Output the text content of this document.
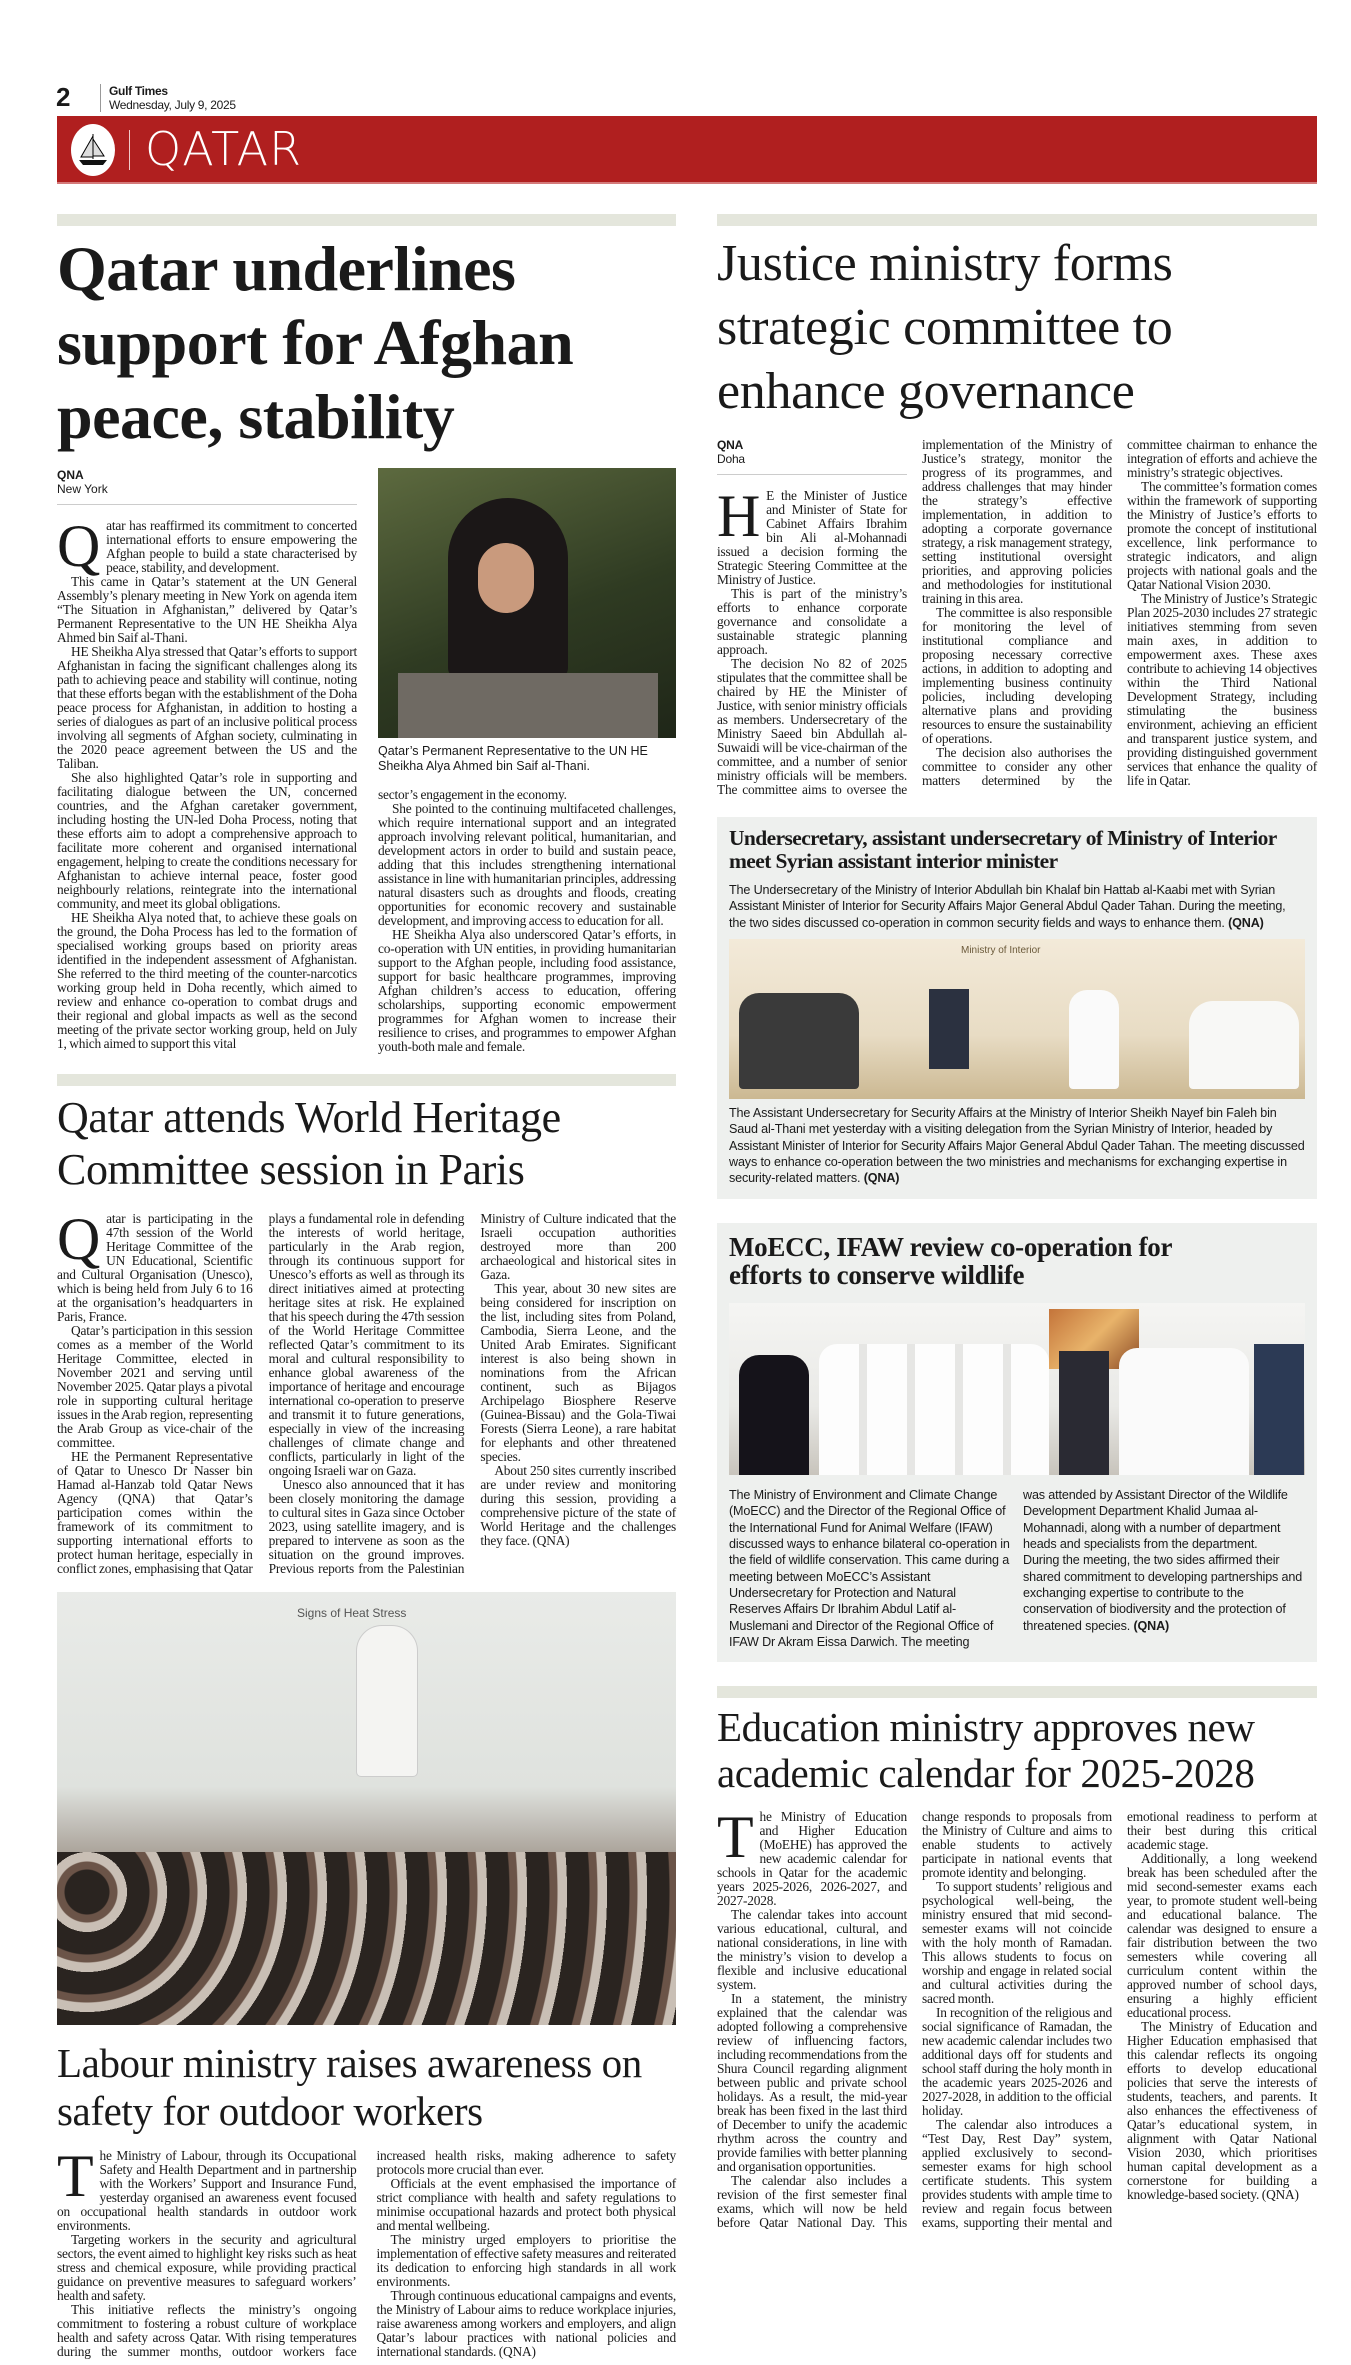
2	Gulf Times
Wednesday, July 9, 2025
QATAR
Qatar underlines support for Afghan peace, stability
QNA
New York

Qatar has reaffirmed its commitment to concerted international efforts to ensure empowering the Afghan people to build a state characterised by peace, stability, and development.

This came in Qatar’s statement at the UN General Assembly’s plenary meeting in New York on agenda item “The Situation in Afghanistan,” delivered by Qatar’s Permanent Representative to the UN HE Sheikha Alya Ahmed bin Saif al-Thani.

HE Sheikha Alya stressed that Qatar’s efforts to support Afghanistan in facing the significant challenges along its path to achieving peace and stability will continue, noting that these efforts began with the establishment of the Doha peace process for Afghanistan, in addition to hosting a series of dialogues as part of an inclusive political process involving all segments of Afghan society, culminating in the 2020 peace agreement between the US and the Taliban.

She also highlighted Qatar’s role in supporting and facilitating dialogue between the UN, concerned countries, and the Afghan caretaker government, including hosting the UN-led Doha Process, noting that these efforts aim to adopt a comprehensive approach to facilitate more coherent and organised international engagement, helping to create the conditions necessary for Afghanistan to achieve internal peace, foster good neighbourly relations, reintegrate into the international community, and meet its global obligations.

HE Sheikha Alya noted that, to achieve these goals on the ground, the Doha Process has led to the formation of specialised working groups based on priority areas identified in the independent assessment of Afghanistan. She referred to the third meeting of the counter-narcotics working group held in Doha recently, which aimed to review and enhance co-operation to combat drugs and their regional and global impacts as well as the second meeting of the private sector working group, held on July 1, which aimed to support this vital

Qatar’s Permanent Representative to the UN HE Sheikha Alya Ahmed bin Saif al-Thani.

sector’s engagement in the economy.

She pointed to the continuing multifaceted challenges, which require international support and an integrated approach involving relevant political, humanitarian, and development actors in order to build and sustain peace, adding that this includes strengthening international assistance in line with humanitarian principles, addressing natural disasters such as droughts and floods, creating opportunities for economic recovery and sustainable development, and improving access to education for all.

HE Sheikha Alya also underscored Qatar’s efforts, in co-operation with UN entities, in providing humanitarian support to the Afghan people, including food assistance, support for basic healthcare programmes, improving Afghan children’s access to education, offering scholarships, supporting economic empowerment programmes for Afghan women to increase their resilience to crises, and programmes to empower Afghan youth-both male and female.

Qatar attends World Heritage Committee session in Paris

Qatar is participating in the 47th session of the World Heritage Committee of the UN Educational, Scientific and Cultural Organisation (Unesco), which is being held from July 6 to 16 at the organisation’s headquarters in Paris, France.

Qatar’s participation in this session comes as a member of the World Heritage Committee, elected in November 2021 and serving until November 2025. Qatar plays a pivotal role in supporting cultural heritage issues in the Arab region, representing the Arab Group as vice-chair of the committee.

HE the Permanent Representative of Qatar to Unesco Dr Nasser bin Hamad al-Hanzab told Qatar News Agency (QNA) that Qatar’s participation comes within the framework of its commitment to supporting international efforts to protect human heritage, especially in conflict zones, emphasising that Qatar plays a fundamental role in defending the interests of world heritage, particularly in the Arab region, through its continuous support for Unesco’s efforts as well as through its direct initiatives aimed at protecting heritage sites at risk. He explained that his speech during the 47th session of the World Heritage Committee reflected Qatar’s commitment to its moral and cultural responsibility to enhance global awareness of the importance of heritage and encourage international co-operation to preserve and transmit it to future generations, especially in view of the increasing challenges of climate change and conflicts, particularly in light of the ongoing Israeli war on Gaza.

Unesco also announced that it has been closely monitoring the damage to cultural sites in Gaza since October 2023, using satellite imagery, and is prepared to intervene as soon as the situation on the ground improves. Previous reports from the Palestinian Ministry of Culture indicated that the Israeli occupation authorities destroyed more than 200 archaeological and historical sites in Gaza.

This year, about 30 new sites are being considered for inscription on the list, including sites from Poland, Cambodia, Sierra Leone, and the United Arab Emirates. Significant interest is also being shown in nominations from the African continent, such as Bijagos Archipelago Biosphere Reserve (Guinea-Bissau) and the Gola-Tiwai Forests (Sierra Leone), a rare habitat for elephants and other threatened species.

About 250 sites currently inscribed are under review and monitoring during this session, providing a comprehensive picture of the state of World Heritage and the challenges they face. (QNA)

Signs of Heat Stress
Labour ministry raises awareness on safety for outdoor workers

The Ministry of Labour, through its Occupational Safety and Health Department and in partnership with the Workers’ Support and Insurance Fund, yesterday organised an awareness event focused on occupational health standards in outdoor work environments.

Targeting workers in the security and agricultural sectors, the event aimed to highlight key risks such as heat stress and chemical exposure, while providing practical guidance on preventive measures to safeguard workers’ health and safety.

This initiative reflects the ministry’s ongoing commitment to fostering a robust culture of workplace health and safety across Qatar. With rising temperatures during the summer months, outdoor workers face increased health risks, making adherence to safety protocols more crucial than ever.

Officials at the event emphasised the importance of strict compliance with health and safety regulations to minimise occupational hazards and protect both physical and mental wellbeing.

The ministry urged employers to prioritise the implementation of effective safety measures and reiterated its dedication to enforcing high standards in all work environments.

Through continuous educational campaigns and events, the Ministry of Labour aims to reduce workplace injuries, raise awareness among workers and employers, and align Qatar’s labour practices with national policies and international standards. (QNA)

Justice ministry forms strategic committee to enhance governance
QNA
Doha

HE the Minister of Justice and Minister of State for Cabinet Affairs Ibrahim bin Ali al-Mohannadi issued a decision forming the Strategic Steering Committee at the Ministry of Justice.

This is part of the ministry’s efforts to enhance corporate governance and consolidate a sustainable strategic planning approach.

The decision No 82 of 2025 stipulates that the committee shall be chaired by HE the Minister of Justice, with senior ministry officials as members. Undersecretary of the Ministry Saeed bin Abdullah al-Suwaidi will be vice-chairman of the committee, and a number of senior ministry officials will be members. The committee aims to oversee the implementation of the Ministry of Justice’s strategy, monitor the progress of its programmes, and address challenges that may hinder the strategy’s effective implementation, in addition to adopting a corporate governance strategy, a risk management strategy, setting institutional oversight priorities, and approving policies and methodologies for institutional training in this area.

The committee is also responsible for monitoring the level of institutional compliance and proposing necessary corrective actions, in addition to adopting and implementing business continuity policies, including developing alternative plans and providing resources to ensure the sustainability of operations.

The decision also authorises the committee to consider any other matters determined by the committee chairman to enhance the integration of efforts and achieve the ministry’s strategic objectives.

The committee’s formation comes within the framework of supporting the Ministry of Justice’s efforts to promote the concept of institutional excellence, link performance to strategic indicators, and align projects with national goals and the Qatar National Vision 2030.

The Ministry of Justice’s Strategic Plan 2025-2030 includes 27 strategic initiatives stemming from seven main axes, in addition to empowerment axes. These axes contribute to achieving 14 objectives within the Third National Development Strategy, including stimulating the business environment, achieving an efficient and transparent justice system, and providing distinguished government services that enhance the quality of life in Qatar.

Undersecretary, assistant undersecretary of Ministry of Interior meet Syrian assistant interior minister
The Undersecretary of the Ministry of Interior Abdullah bin Khalaf bin Hattab al-Kaabi met with Syrian Assistant Minister of Interior for Security Affairs Major General Abdul Qader Tahan. During the meeting, the two sides discussed co-operation in common security fields and ways to enhance them. (QNA)
Ministry of Interior
The Assistant Undersecretary for Security Affairs at the Ministry of Interior Sheikh Nayef bin Faleh bin Saud al-Thani met yesterday with a visiting delegation from the Syrian Ministry of Interior, headed by Assistant Minister of Interior for Security Affairs Major General Abdul Qader Tahan. The meeting discussed ways to enhance co-operation between the two ministries and mechanisms for exchanging expertise in security-related matters. (QNA)
MoECC, IFAW review co-operation for efforts to conserve wildlife
The Ministry of Environment and Climate Change (MoECC) and the Director of the Regional Office of the International Fund for Animal Welfare (IFAW) discussed ways to enhance bilateral co-operation in the field of wildlife conservation. This came during a meeting between MoECC’s Assistant Undersecretary for Protection and Natural Reserves Affairs Dr Ibrahim Abdul Latif al-Muslemani and Director of the Regional Office of IFAW Dr Akram Eissa Darwich. The meeting
was attended by Assistant Director of the Wildlife Development Department Khalid Jumaa al-Mohannadi, along with a number of department heads and specialists from the department.
During the meeting, the two sides affirmed their shared commitment to developing partnerships and exchanging expertise to contribute to the conservation of biodiversity and the protection of threatened species. (QNA)
Education ministry approves new academic calendar for 2025-2028

The Ministry of Education and Higher Education (MoEHE) has approved the new academic calendar for schools in Qatar for the academic years 2025-2026, 2026-2027, and 2027-2028.

The calendar takes into account various educational, cultural, and national considerations, in line with the ministry’s vision to develop a flexible and inclusive educational system.

In a statement, the ministry explained that the calendar was adopted following a comprehensive review of influencing factors, including recommendations from the Shura Council regarding alignment between public and private school holidays. As a result, the mid-year break has been fixed in the last third of December to unify the academic rhythm across the country and provide families with better planning and organisation opportunities.

The calendar also includes a revision of the first semester final exams, which will now be held before Qatar National Day. This change responds to proposals from the Ministry of Culture and aims to enable students to actively participate in national events that promote identity and belonging.

To support students’ religious and psychological well-being, the ministry ensured that mid second-semester exams will not coincide with the holy month of Ramadan. This allows students to focus on worship and engage in related social and cultural activities during the sacred month.

In recognition of the religious and social significance of Ramadan, the new academic calendar includes two additional days off for students and school staff during the holy month in the academic years 2025-2026 and 2027-2028, in addition to the official holiday.

The calendar also introduces a “Test Day, Rest Day” system, applied exclusively to second-semester exams for high school certificate students. This system provides students with ample time to review and regain focus between exams, supporting their mental and emotional readiness to perform at their best during this critical academic stage.

Additionally, a long weekend break has been scheduled after the mid second-semester exams each year, to promote student well-being and educational balance. The calendar was designed to ensure a fair distribution between the two semesters while covering all curriculum content within the approved number of school days, ensuring a highly efficient educational process.

The Ministry of Education and Higher Education emphasised that this calendar reflects its ongoing efforts to develop educational policies that serve the interests of students, teachers, and parents. It also enhances the effectiveness of Qatar’s educational system, in alignment with Qatar National Vision 2030, which prioritises human capital development as a cornerstone for building a knowledge-based society. (QNA)
